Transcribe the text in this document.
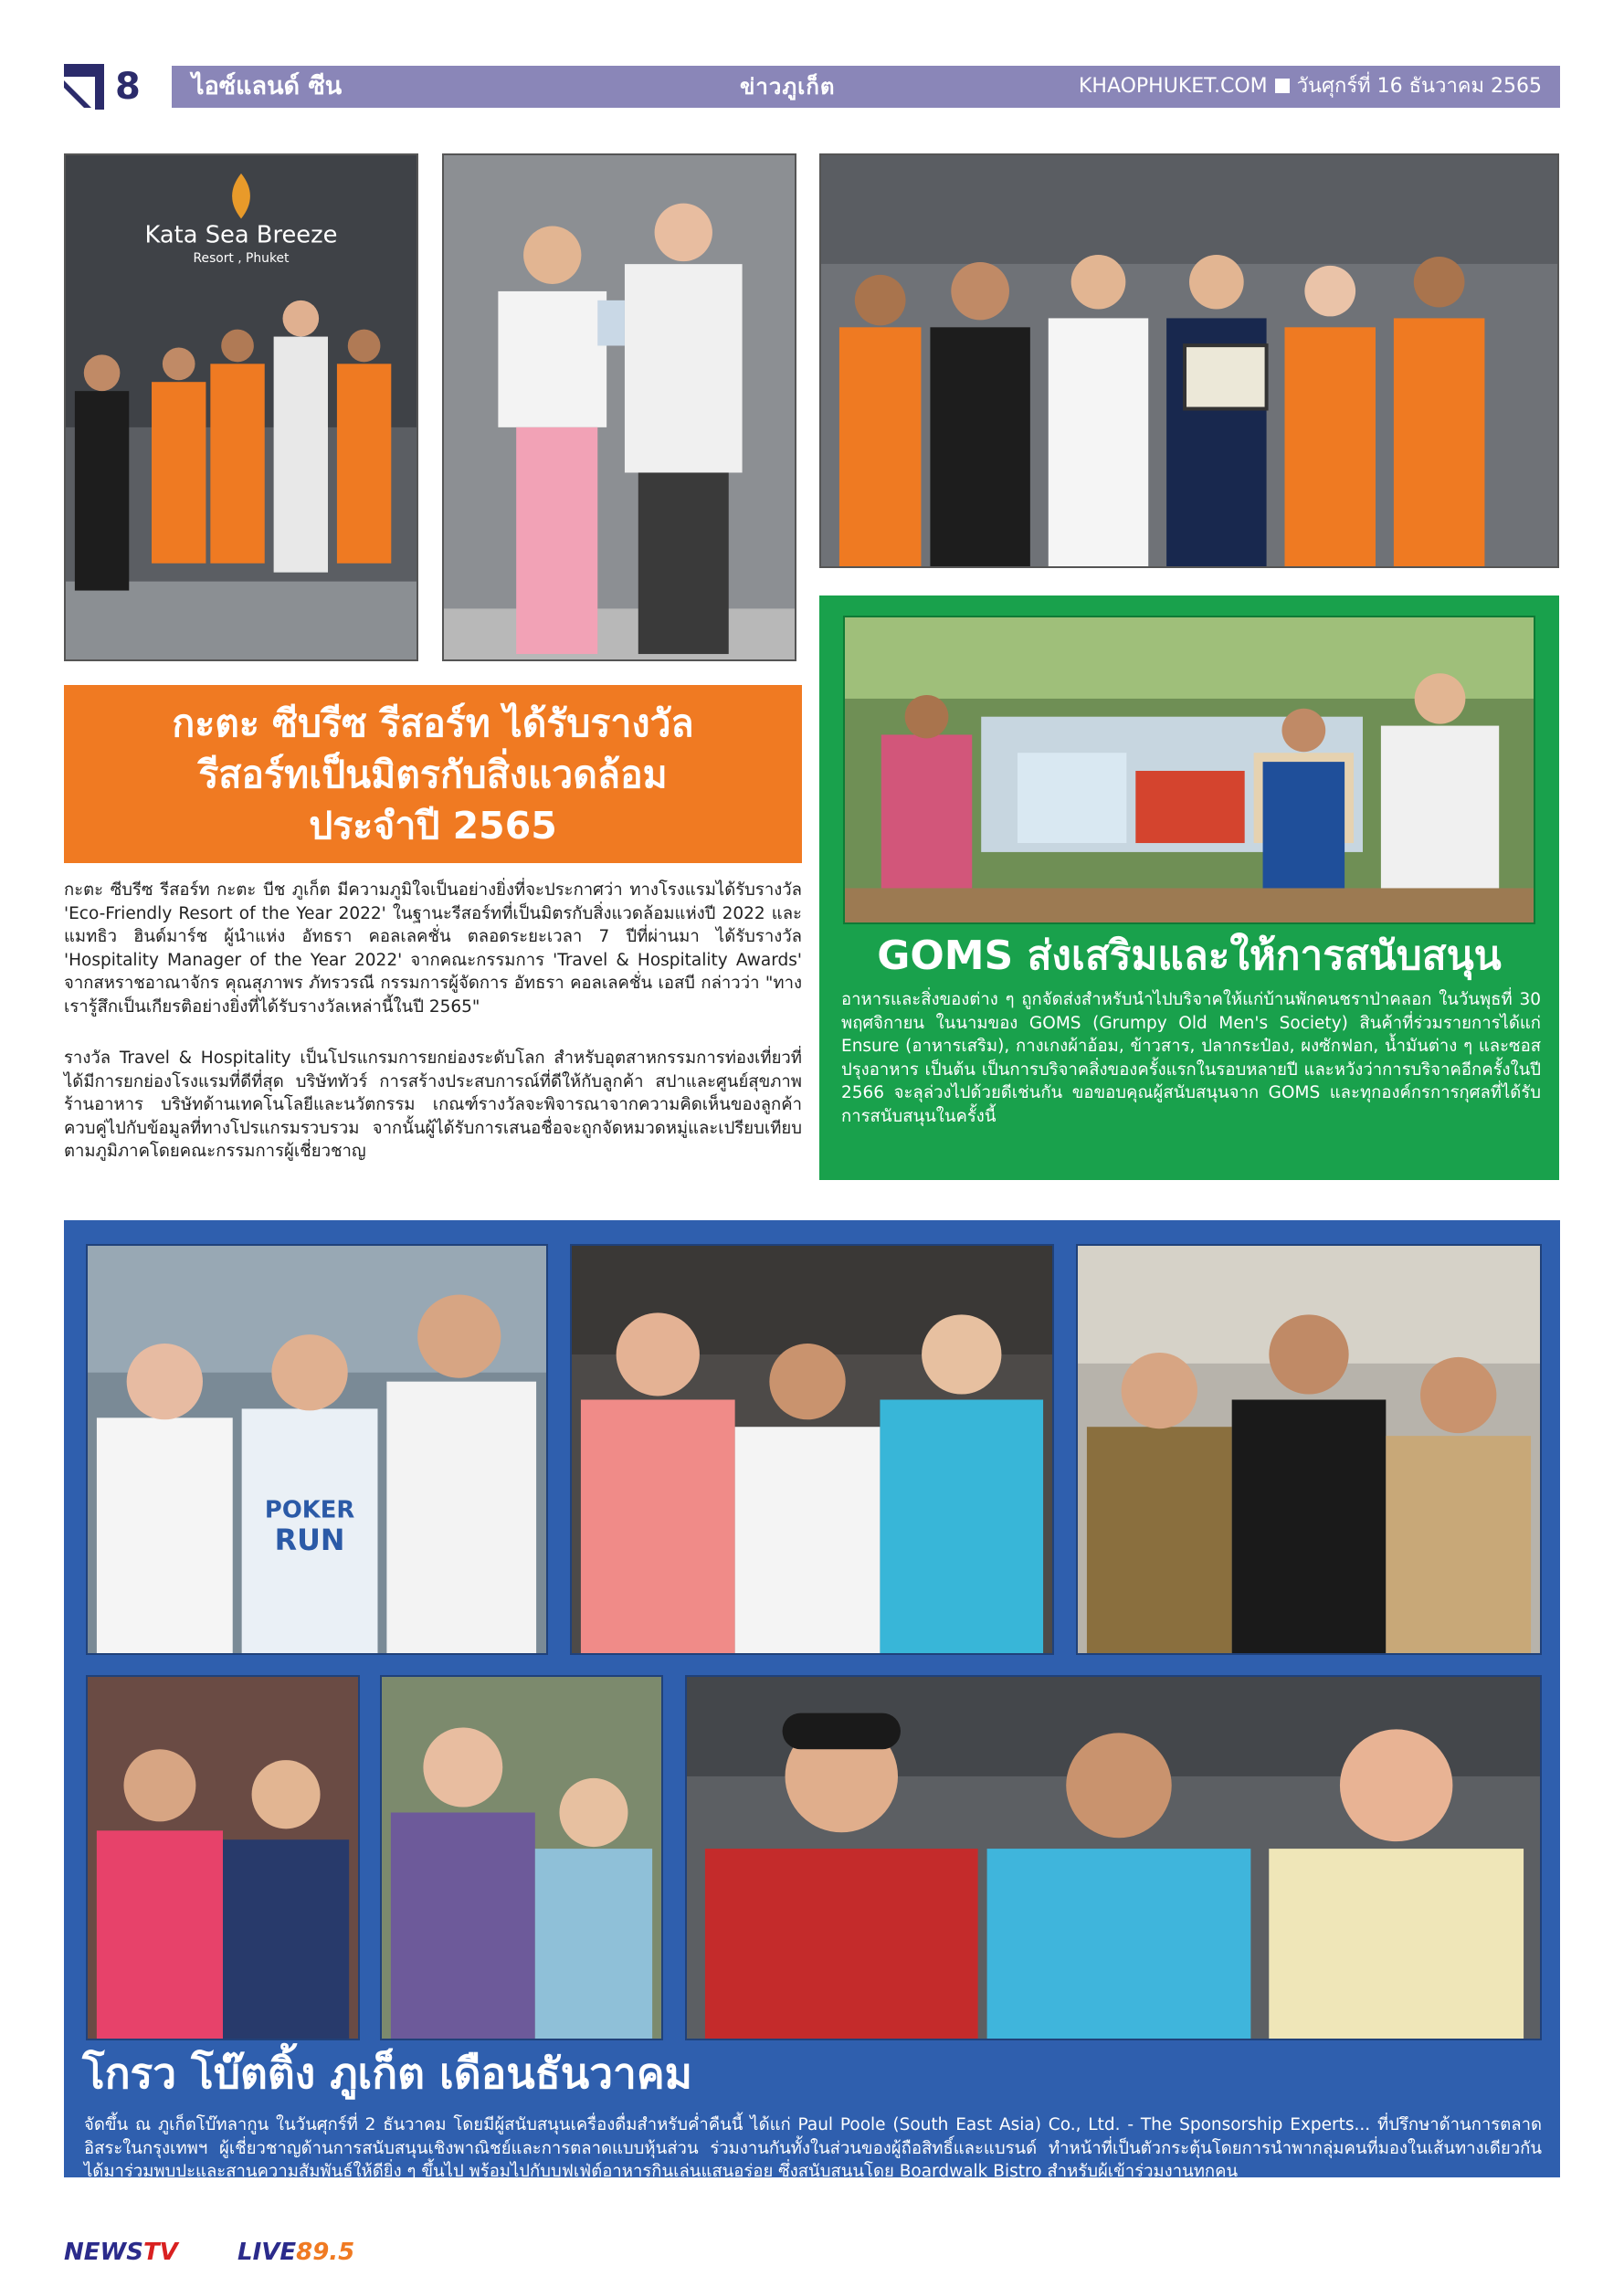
8	ไอซ์แลนด์ ซีน	ข่าวภูเก็ต	KHAOPHUKET.COM วันศุกร์ที่ 16 ธันวาคม 2565
Kata Sea Breeze
Resort , Phuket
กะตะ ซีบรีซ รีสอร์ท ได้รับรางวัล
รีสอร์ทเป็นมิตรกับสิ่งแวดล้อม
ประจำปี 2565
กะตะ ซีบรีซ รีสอร์ท กะตะ บีช ภูเก็ต มีความภูมิใจเป็นอย่างยิ่งที่จะประกาศว่า ทางโรงแรมได้รับรางวัล 'Eco-Friendly Resort of the Year 2022' ในฐานะรีสอร์ทที่เป็นมิตรกับสิ่งแวดล้อมแห่งปี 2022 และ แมทธิว ฮินด์มาร์ช ผู้นำแห่ง อัทธรา คอลเลคชั่น ตลอดระยะเวลา 7 ปีที่ผ่านมา ได้รับรางวัล 'Hospitality Manager of the Year 2022' จากคณะกรรมการ 'Travel & Hospitality Awards' จากสหราชอาณาจักร คุณสุภาพร ภัทรวรณี กรรมการผู้จัดการ อัทธรา คอลเลคชั่น เอสบี กล่าวว่า "ทางเรารู้สึกเป็นเกียรติอย่างยิ่งที่ได้รับรางวัลเหล่านี้ในปี 2565"
รางวัล Travel & Hospitality เป็นโปรแกรมการยกย่องระดับโลก สำหรับอุตสาหกรรมการท่องเที่ยวที่ได้มีการยกย่องโรงแรมที่ดีที่สุด บริษัททัวร์ การสร้างประสบการณ์ที่ดีให้กับลูกค้า สปาและศูนย์สุขภาพ ร้านอาหาร บริษัทด้านเทคโนโลยีและนวัตกรรม เกณฑ์รางวัลจะพิจารณาจากความคิดเห็นของลูกค้า ควบคู่ไปกับข้อมูลที่ทางโปรแกรมรวบรวม จากนั้นผู้ได้รับการเสนอชื่อจะถูกจัดหมวดหมู่และเปรียบเทียบตามภูมิภาคโดยคณะกรรมการผู้เชี่ยวชาญ
GOMS ส่งเสริมและให้การสนับสนุน
อาหารและสิ่งของต่าง ๆ ถูกจัดส่งสำหรับนำไปบริจาคให้แก่บ้านพักคนชราป่าคลอก ในวันพุธที่ 30 พฤศจิกายน ในนามของ GOMS (Grumpy Old Men's Society) สินค้าที่ร่วมรายการได้แก่ Ensure (อาหารเสริม), กางเกงผ้าอ้อม, ข้าวสาร, ปลากระป๋อง, ผงซักฟอก, น้ำมันต่าง ๆ และซอสปรุงอาหาร เป็นต้น เป็นการบริจาคสิ่งของครั้งแรกในรอบหลายปี และหวังว่าการบริจาคอีกครั้งในปี 2566 จะลุล่วงไปด้วยดีเช่นกัน ขอขอบคุณผู้สนับสนุนจาก GOMS และทุกองค์กรการกุศลที่ได้รับการสนับสนุนในครั้งนี้
POKER
RUN
โกรว โบ๊ตติ้ง ภูเก็ต เดือนธันวาคม
จัดขึ้น ณ ภูเก็ตโบ๊ทลากูน ในวันศุกร์ที่ 2 ธันวาคม โดยมีผู้สนับสนุนเครื่องดื่มสำหรับค่ำคืนนี้ ได้แก่ Paul Poole (South East Asia) Co., Ltd. - The Sponsorship Experts... ที่ปรึกษาด้านการตลาดอิสระในกรุงเทพฯ ผู้เชี่ยวชาญด้านการสนับสนุนเชิงพาณิชย์และการตลาดแบบหุ้นส่วน ร่วมงานกันทั้งในส่วนของผู้ถือสิทธิ์และแบรนด์ ทำหน้าที่เป็นตัวกระตุ้นโดยการนำพากลุ่มคนที่มองในเส้นทางเดียวกัน ได้มาร่วมพบปะและสานความสัมพันธ์ให้ดียิ่ง ๆ ขึ้นไป พร้อมไปกับบุฟเฟ่ต์อาหารกินเล่นแสนอร่อย ซึ่งสนับสนุนโดย Boardwalk Bistro สำหรับผู้เข้าร่วมงานทุกคน
NEWSTV	LIVE89.5
